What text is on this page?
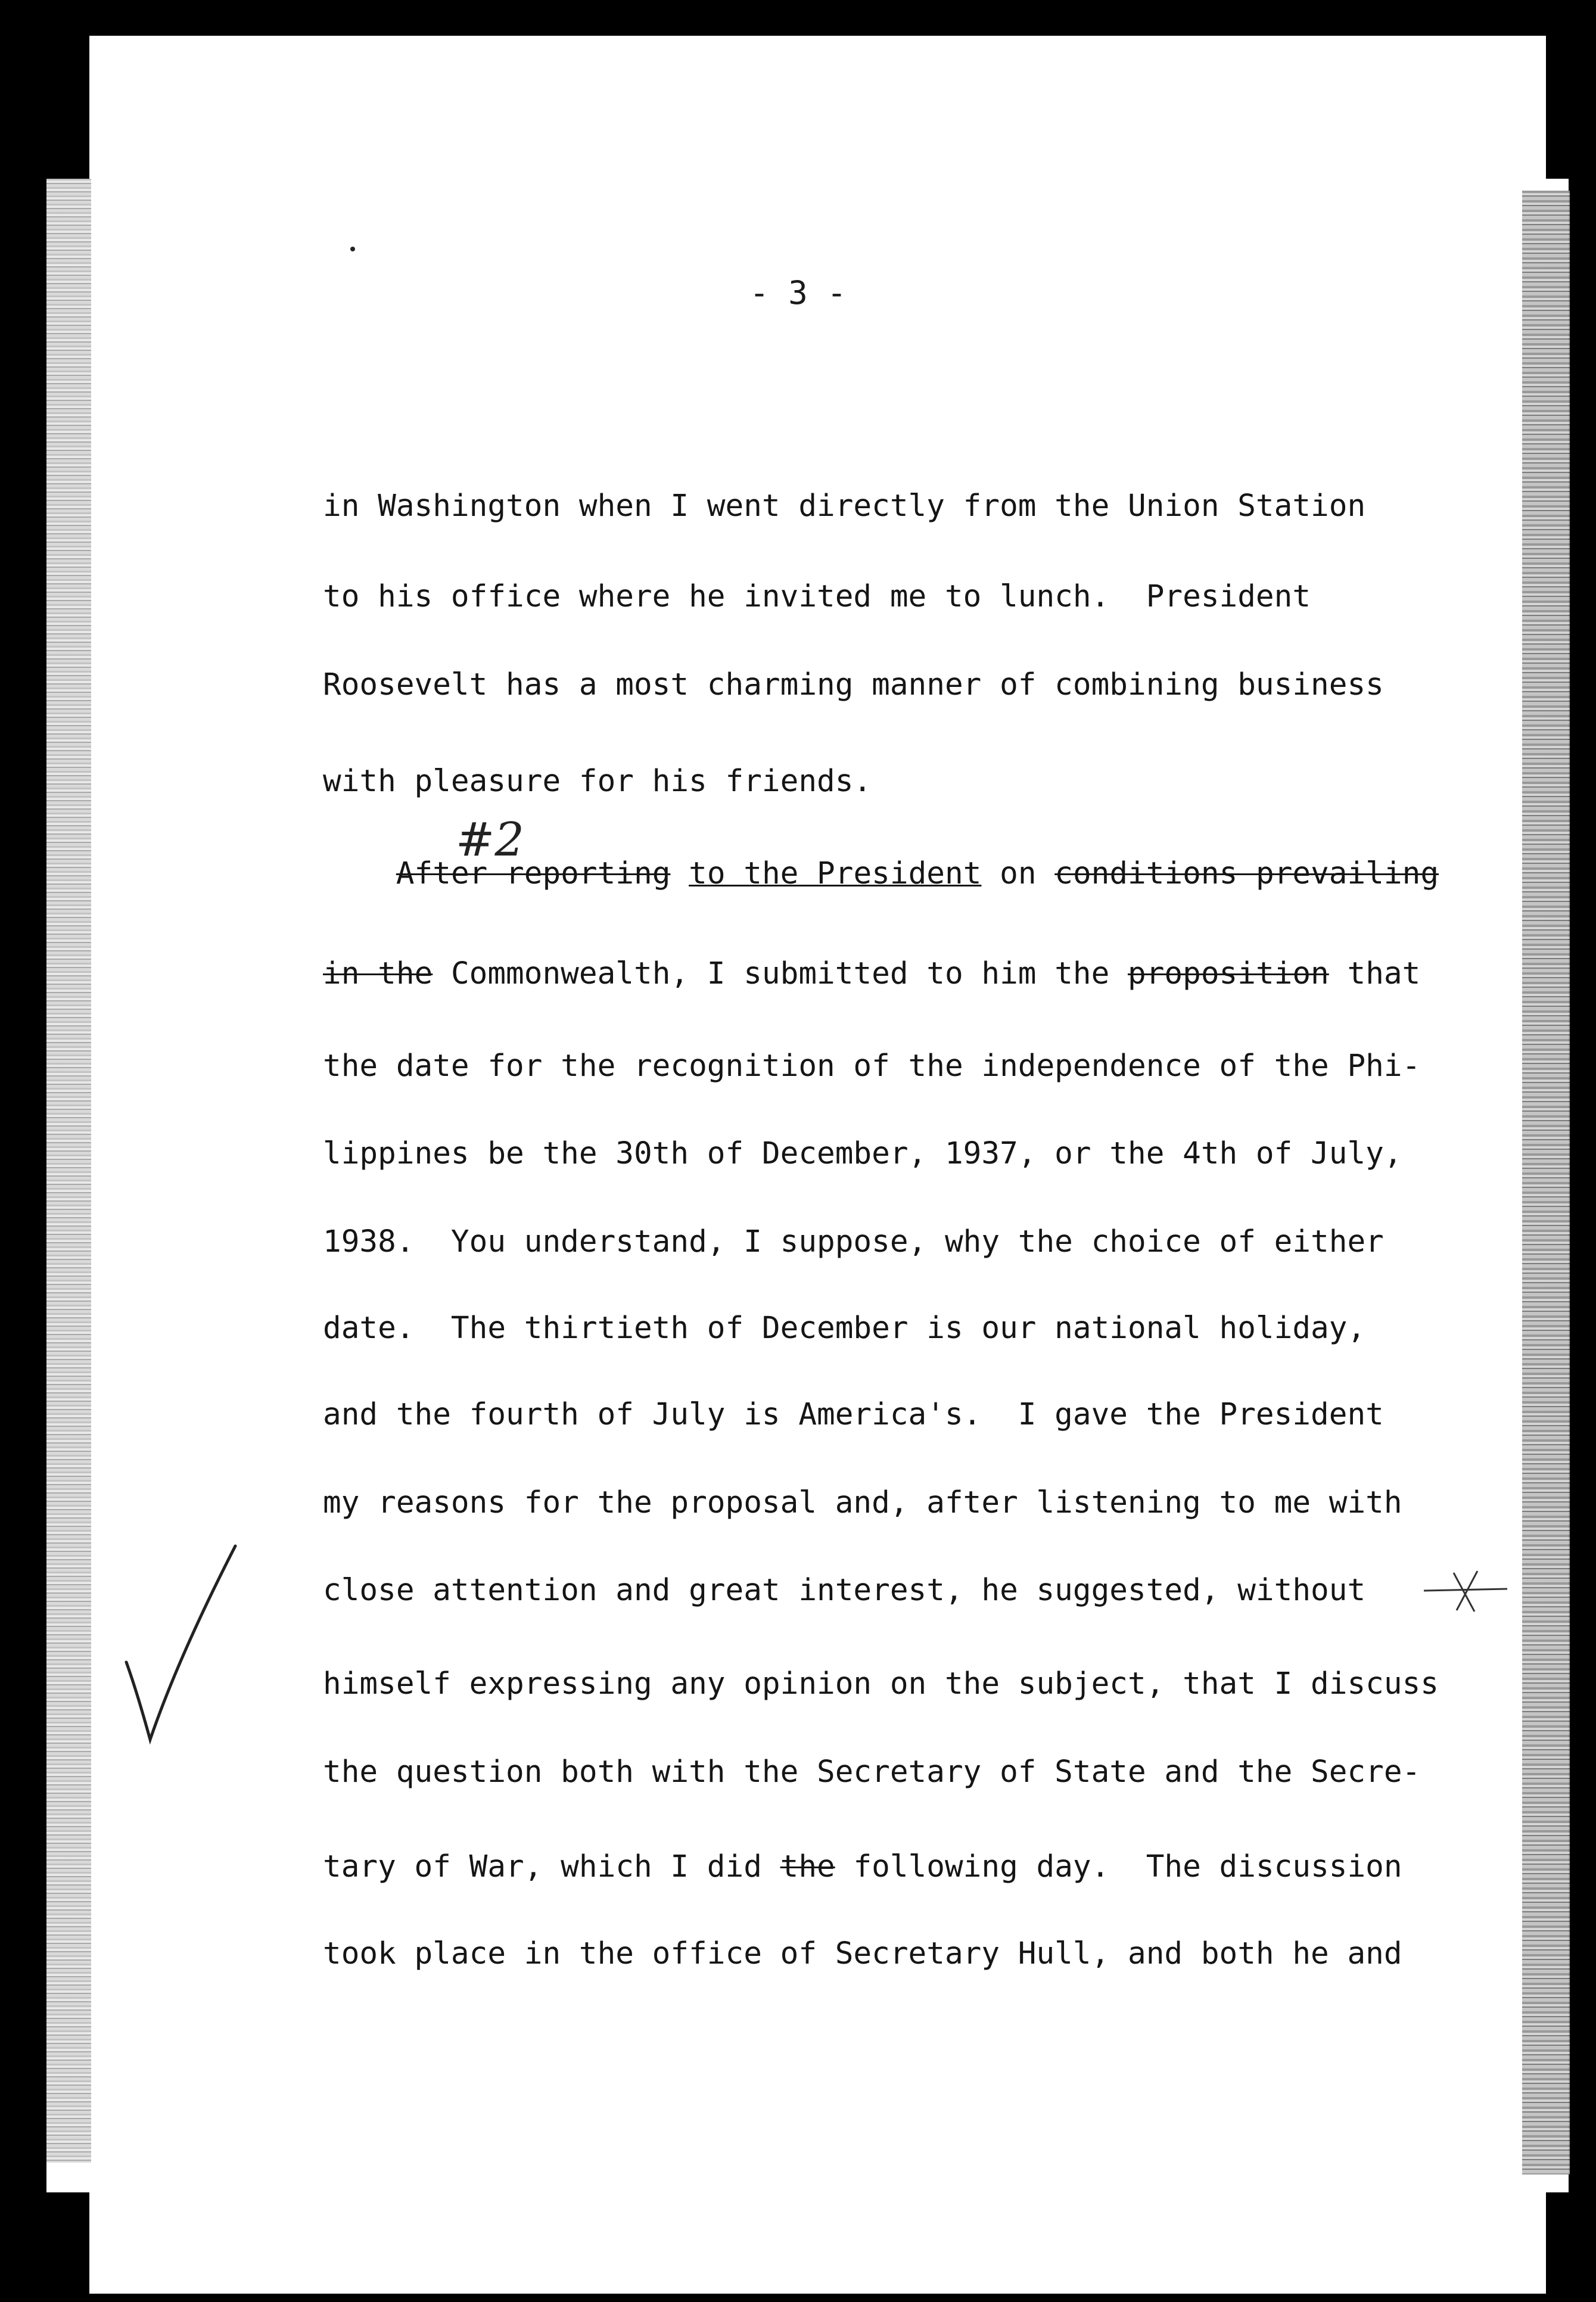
- 3 -

#2

in Washington when I went directly from the Union Station

to his office where he invited me to lunch.  President

Roosevelt has a most charming manner of combining business

with pleasure for his friends.

After reporting to the President on conditions prevailing

in the Commonwealth, I submitted to him the proposition that

the date for the recognition of the independence of the Phi-

lippines be the 30th of December, 1937, or the 4th of July,

1938.  You understand, I suppose, why the choice of either

date.  The thirtieth of December is our national holiday,

and the fourth of July is America's.  I gave the President

my reasons for the proposal and, after listening to me with

close attention and great interest, he suggested, without

himself expressing any opinion on the subject, that I discuss

the question both with the Secretary of State and the Secre-

tary of War, which I did the following day.  The discussion

took place in the office of Secretary Hull, and both he and
